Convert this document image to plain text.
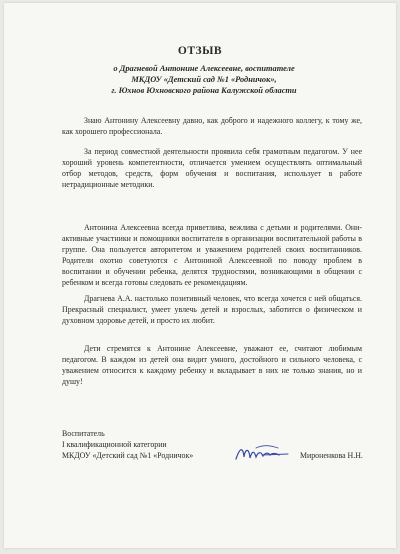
ОТЗЫВ
о Драгневой Антонине Алексеевне, воспитателе
МКДОУ «Детский сад №1 «Родничок»,
г. Юхнов Юхновского района Калужской области
Знаю Антонину Алексеевну давно, как доброго и надежного коллегу, к тому же, как хорошего профессионала.
За период совместной деятельности проявила себя грамотным педагогом. У нее хороший уровень компетентности, отличается умением осуществлять оптимальный отбор методов, средств, форм обучения и воспитания, использует в работе нетрадиционные методики.
Антонина Алексеевна всегда приветлива, вежлива с детьми и родителями. Они- активные участники и помощники воспитателя в организации воспитательной работы в группе. Она пользуется авторитетом и уважением родителей своих воспитанников. Родители охотно советуются с Антониной Алексеевной по поводу проблем в воспитании и обучении ребенка, делятся трудностями, возникающими в общении с ребенком и всегда готовы следовать ее рекомендациям.
Драгнева А.А. настолько позитивный человек, что всегда хочется с ней общаться. Прекрасный специалист, умеет увлечь детей и взрослых, заботится о физическом и духовном здоровье детей, и просто их любит.
Дети стремятся к Антонине Алексеевне, уважают ее, считают любимым педагогом. В каждом из детей она видит умного, достойного и сильного человека, с уважением относится к каждому ребенку и вкладывает в них не только знания, но и душу!
Воспитатель
I квалификационной категории
МКДОУ «Детский сад №1 «Родничок»	Мироненкова Н.Н.
